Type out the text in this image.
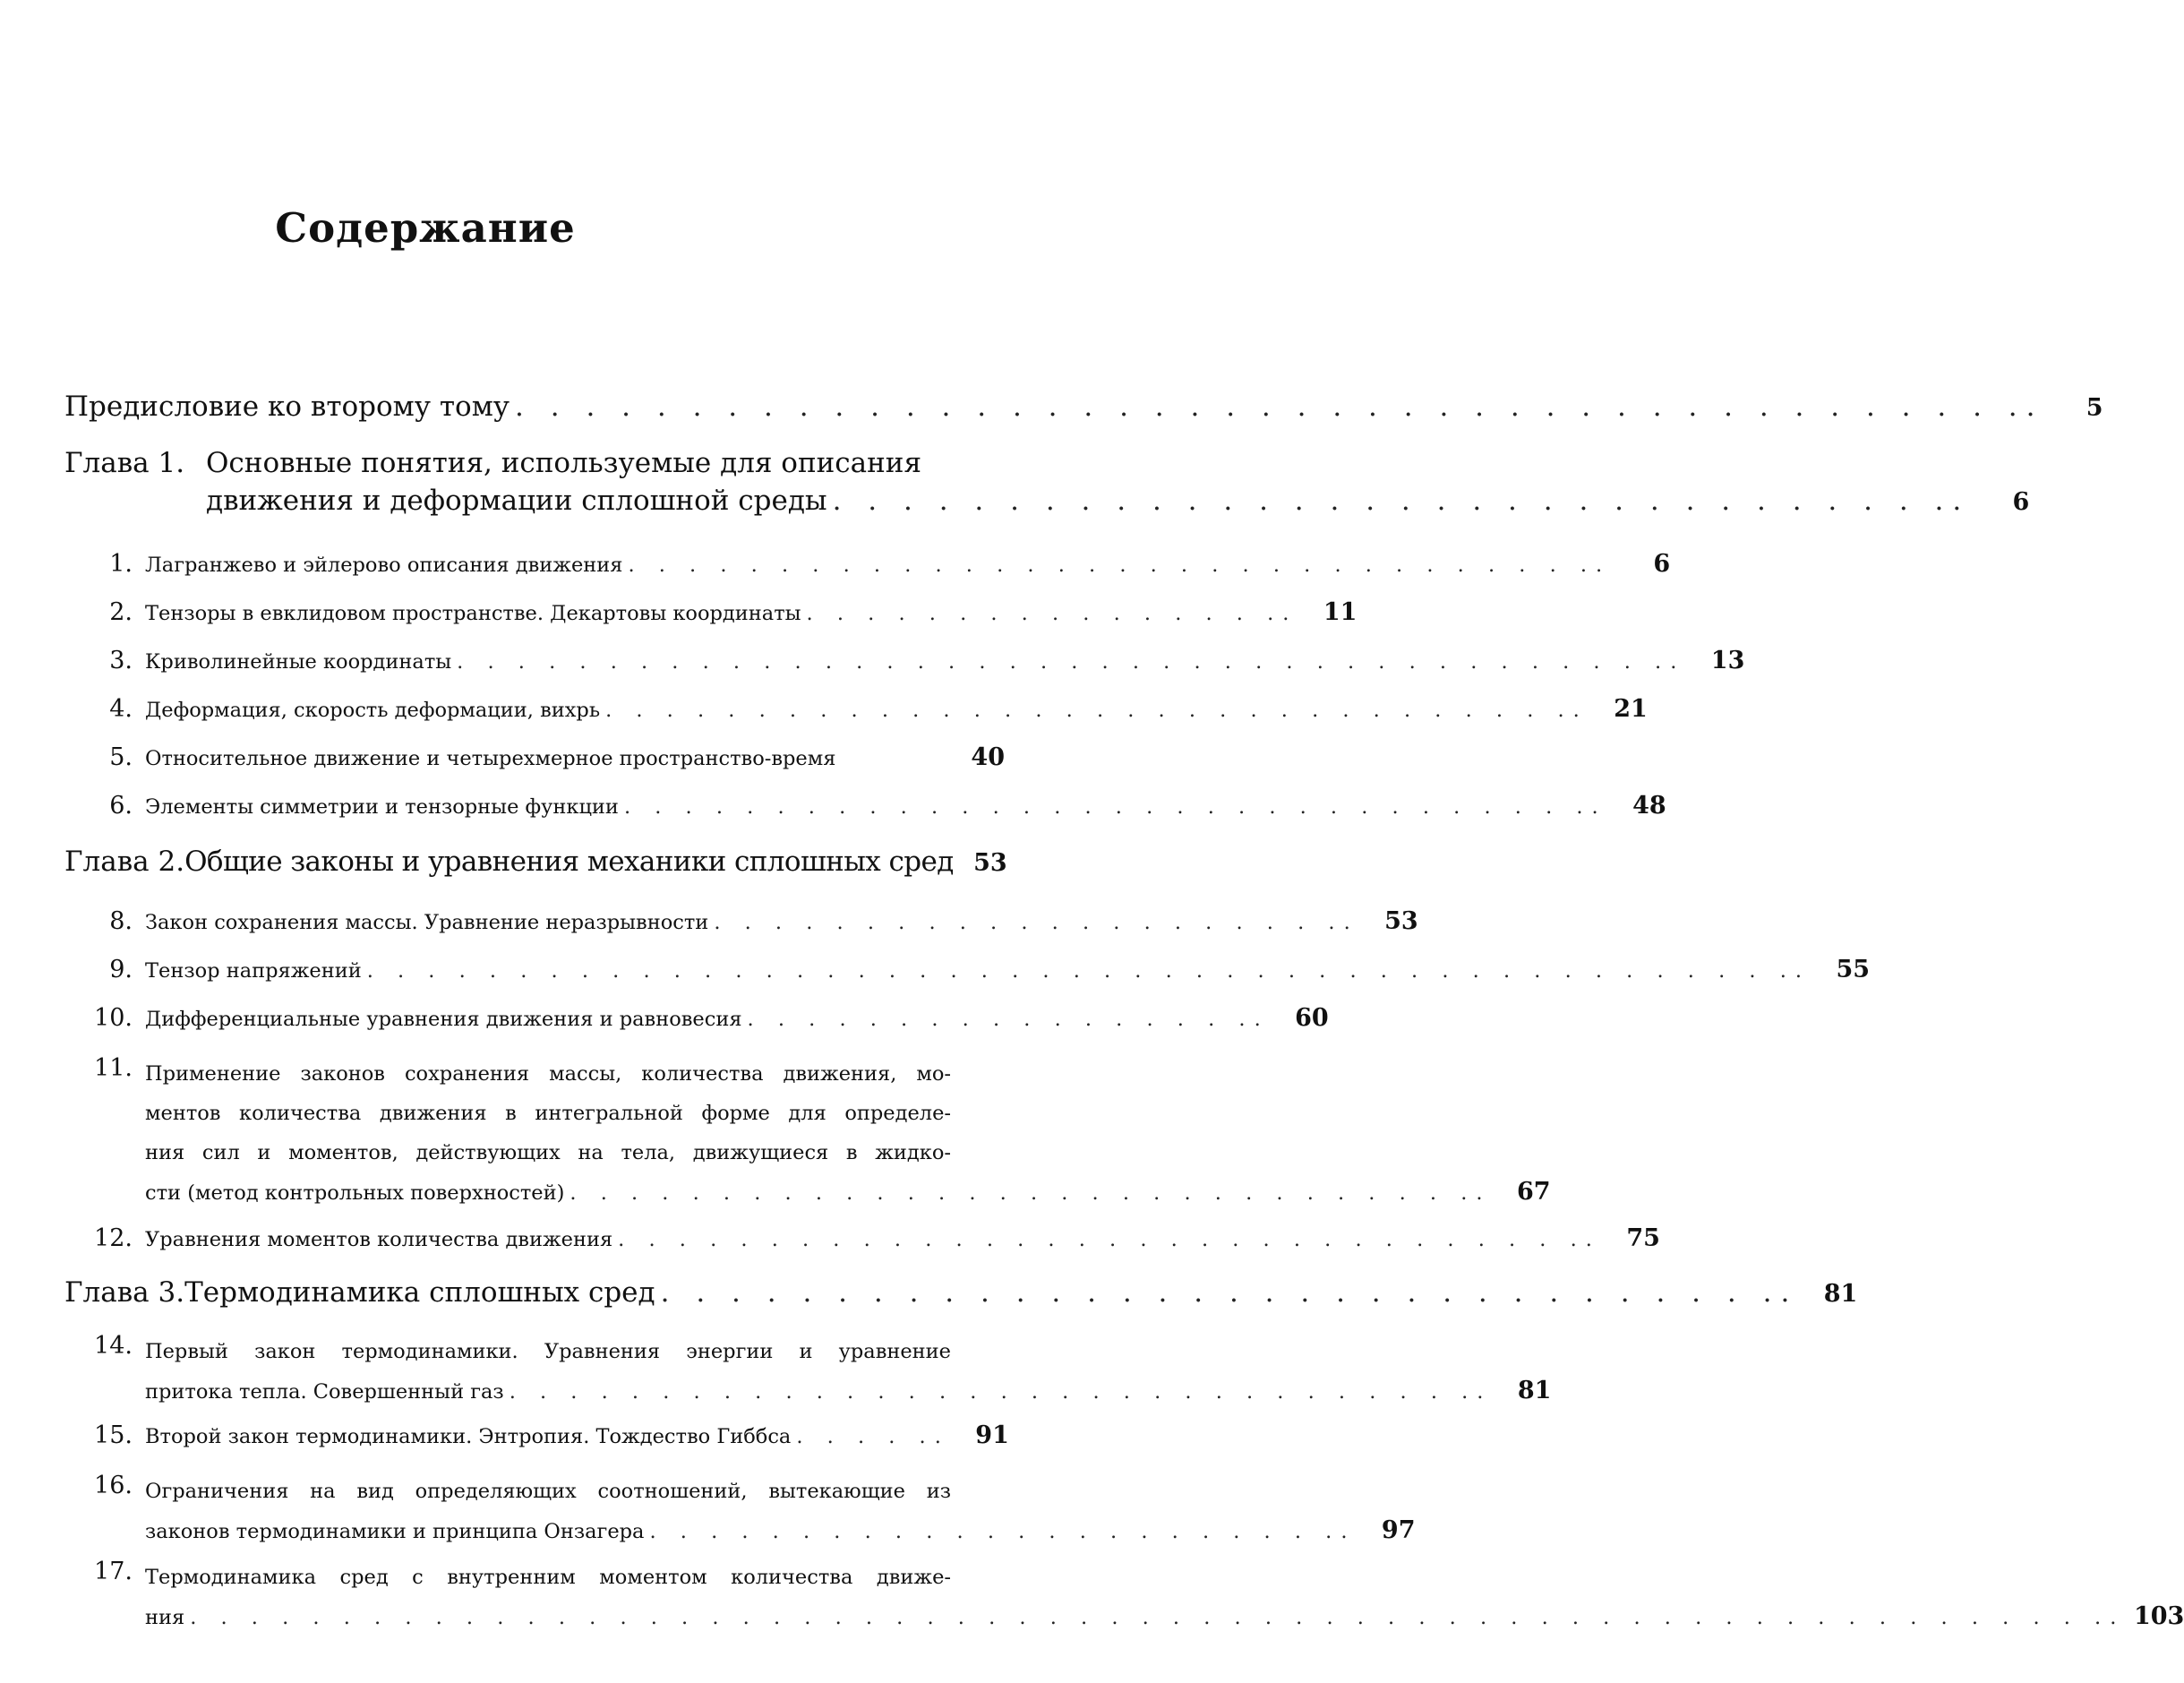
Содержание
Предисловие ко второму тому . . . . . . . . . . . . . . . . . . . . . . . . . . . . . . . . . . . . . . . . . . . .	5
Глава 1. Основные понятия, используемые для описания
движения и деформации сплошной среды . . . . . . . . . . . . . . . . . . . . . . . . . . . . . . . . .	6
1. Лагранжево и эйлерово описания движения . . . . . . . . . . . . . . . . . . . . . . . . . . . . . . . . .	6
2. Тензоры в евклидовом пространстве. Декартовы координаты . . . . . . . . . . . . . . . . .	11
3. Криволинейные координаты . . . . . . . . . . . . . . . . . . . . . . . . . . . . . . . . . . . . . . . . .	13
4. Деформация, скорость деформации, вихрь . . . . . . . . . . . . . . . . . . . . . . . . . . . . . . . . .	21
5. Относительное движение и четырехмерное пространство-время	40
6. Элементы симметрии и тензорные функции . . . . . . . . . . . . . . . . . . . . . . . . . . . . . . . . .	48
Глава 2. Общие законы и уравнения механики сплошных сред 53
8. Закон сохранения массы. Уравнение неразрывности . . . . . . . . . . . . . . . . . . . . . .	53
9. Тензор напряжений . . . . . . . . . . . . . . . . . . . . . . . . . . . . . . . . . . . . . . . . . . . . . . . .	55
10. Дифференциальные уравнения движения и равновесия . . . . . . . . . . . . . . . . . .	60
11. Применение законов сохранения массы, количества движения, мо-
ментов количества движения в интегральной форме для определе-
ния сил и моментов, действующих на тела, движущиеся в жидко-
сти (метод контрольных поверхностей) . . . . . . . . . . . . . . . . . . . . . . . . . . . . . . .	67
12. Уравнения моментов количества движения . . . . . . . . . . . . . . . . . . . . . . . . . . . . . . . . .	75
Глава 3. Термодинамика сплошных сред . . . . . . . . . . . . . . . . . . . . . . . . . . . . . . . . .	81
14. Первый закон термодинамики. Уравнения энергии и уравнение
притока тепла. Совершенный газ . . . . . . . . . . . . . . . . . . . . . . . . . . . . . . . . .	81
15. Второй закон термодинамики. Энтропия. Тождество Гиббса . . . . . .	91
16. Ограничения на вид определяющих соотношений, вытекающие из
законов термодинамики и принципа Онзагера . . . . . . . . . . . . . . . . . . . . . . . .	97
17. Термодинамика сред с внутренним моментом количества движе-
ния . . . . . . . . . . . . . . . . . . . . . . . . . . . . . . . . . . . . . . . . . . . . . . . . . . . . . . . . . . . . . . . . 103
